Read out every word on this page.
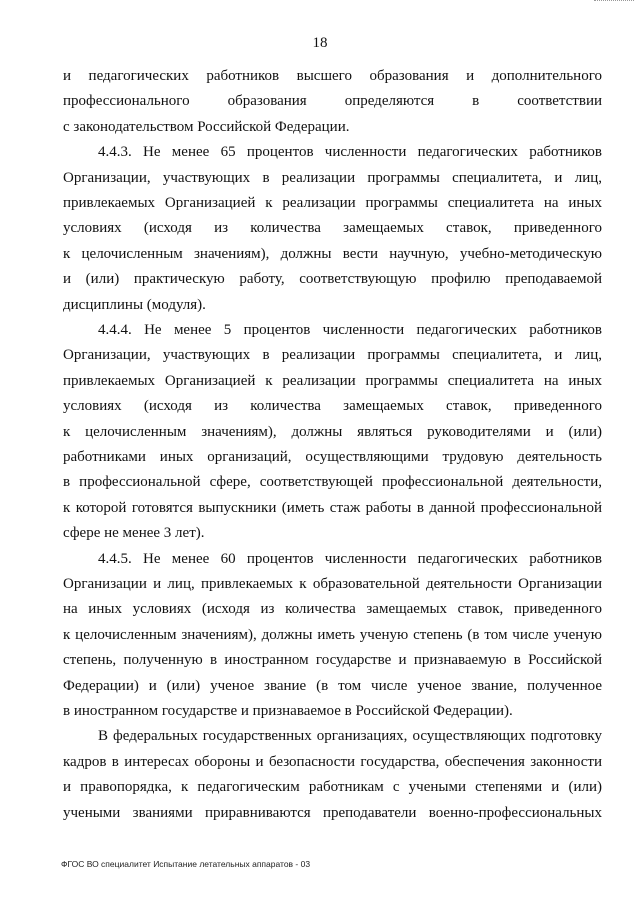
18
и педагогических работников высшего образования и дополнительного
профессионального образования определяются в соответствии
с законодательством Российской Федерации.
4.4.3. Не менее 65 процентов численности педагогических работников
Организации, участвующих в реализации программы специалитета, и лиц,
привлекаемых Организацией к реализации программы специалитета на иных
условиях (исходя из количества замещаемых ставок, приведенного
к целочисленным значениям), должны вести научную, учебно-методическую
и (или) практическую работу, соответствующую профилю преподаваемой
дисциплины (модуля).
4.4.4. Не менее 5 процентов численности педагогических работников
Организации, участвующих в реализации программы специалитета, и лиц,
привлекаемых Организацией к реализации программы специалитета на иных
условиях (исходя из количества замещаемых ставок, приведенного
к целочисленным значениям), должны являться руководителями и (или)
работниками иных организаций, осуществляющими трудовую деятельность
в профессиональной сфере, соответствующей профессиональной деятельности,
к которой готовятся выпускники (иметь стаж работы в данной профессиональной
сфере не менее 3 лет).
4.4.5. Не менее 60 процентов численности педагогических работников
Организации и лиц, привлекаемых к образовательной деятельности Организации
на иных условиях (исходя из количества замещаемых ставок, приведенного
к целочисленным значениям), должны иметь ученую степень (в том числе ученую
степень, полученную в иностранном государстве и признаваемую в Российской
Федерации) и (или) ученое звание (в том числе ученое звание, полученное
в иностранном государстве и признаваемое в Российской Федерации).
В федеральных государственных организациях, осуществляющих подготовку
кадров в интересах обороны и безопасности государства, обеспечения законности
и правопорядка, к педагогическим работникам с учеными степенями и (или)
учеными званиями приравниваются преподаватели военно-профессиональных
ФГОС ВО специалитет Испытание летательных аппаратов - 03
